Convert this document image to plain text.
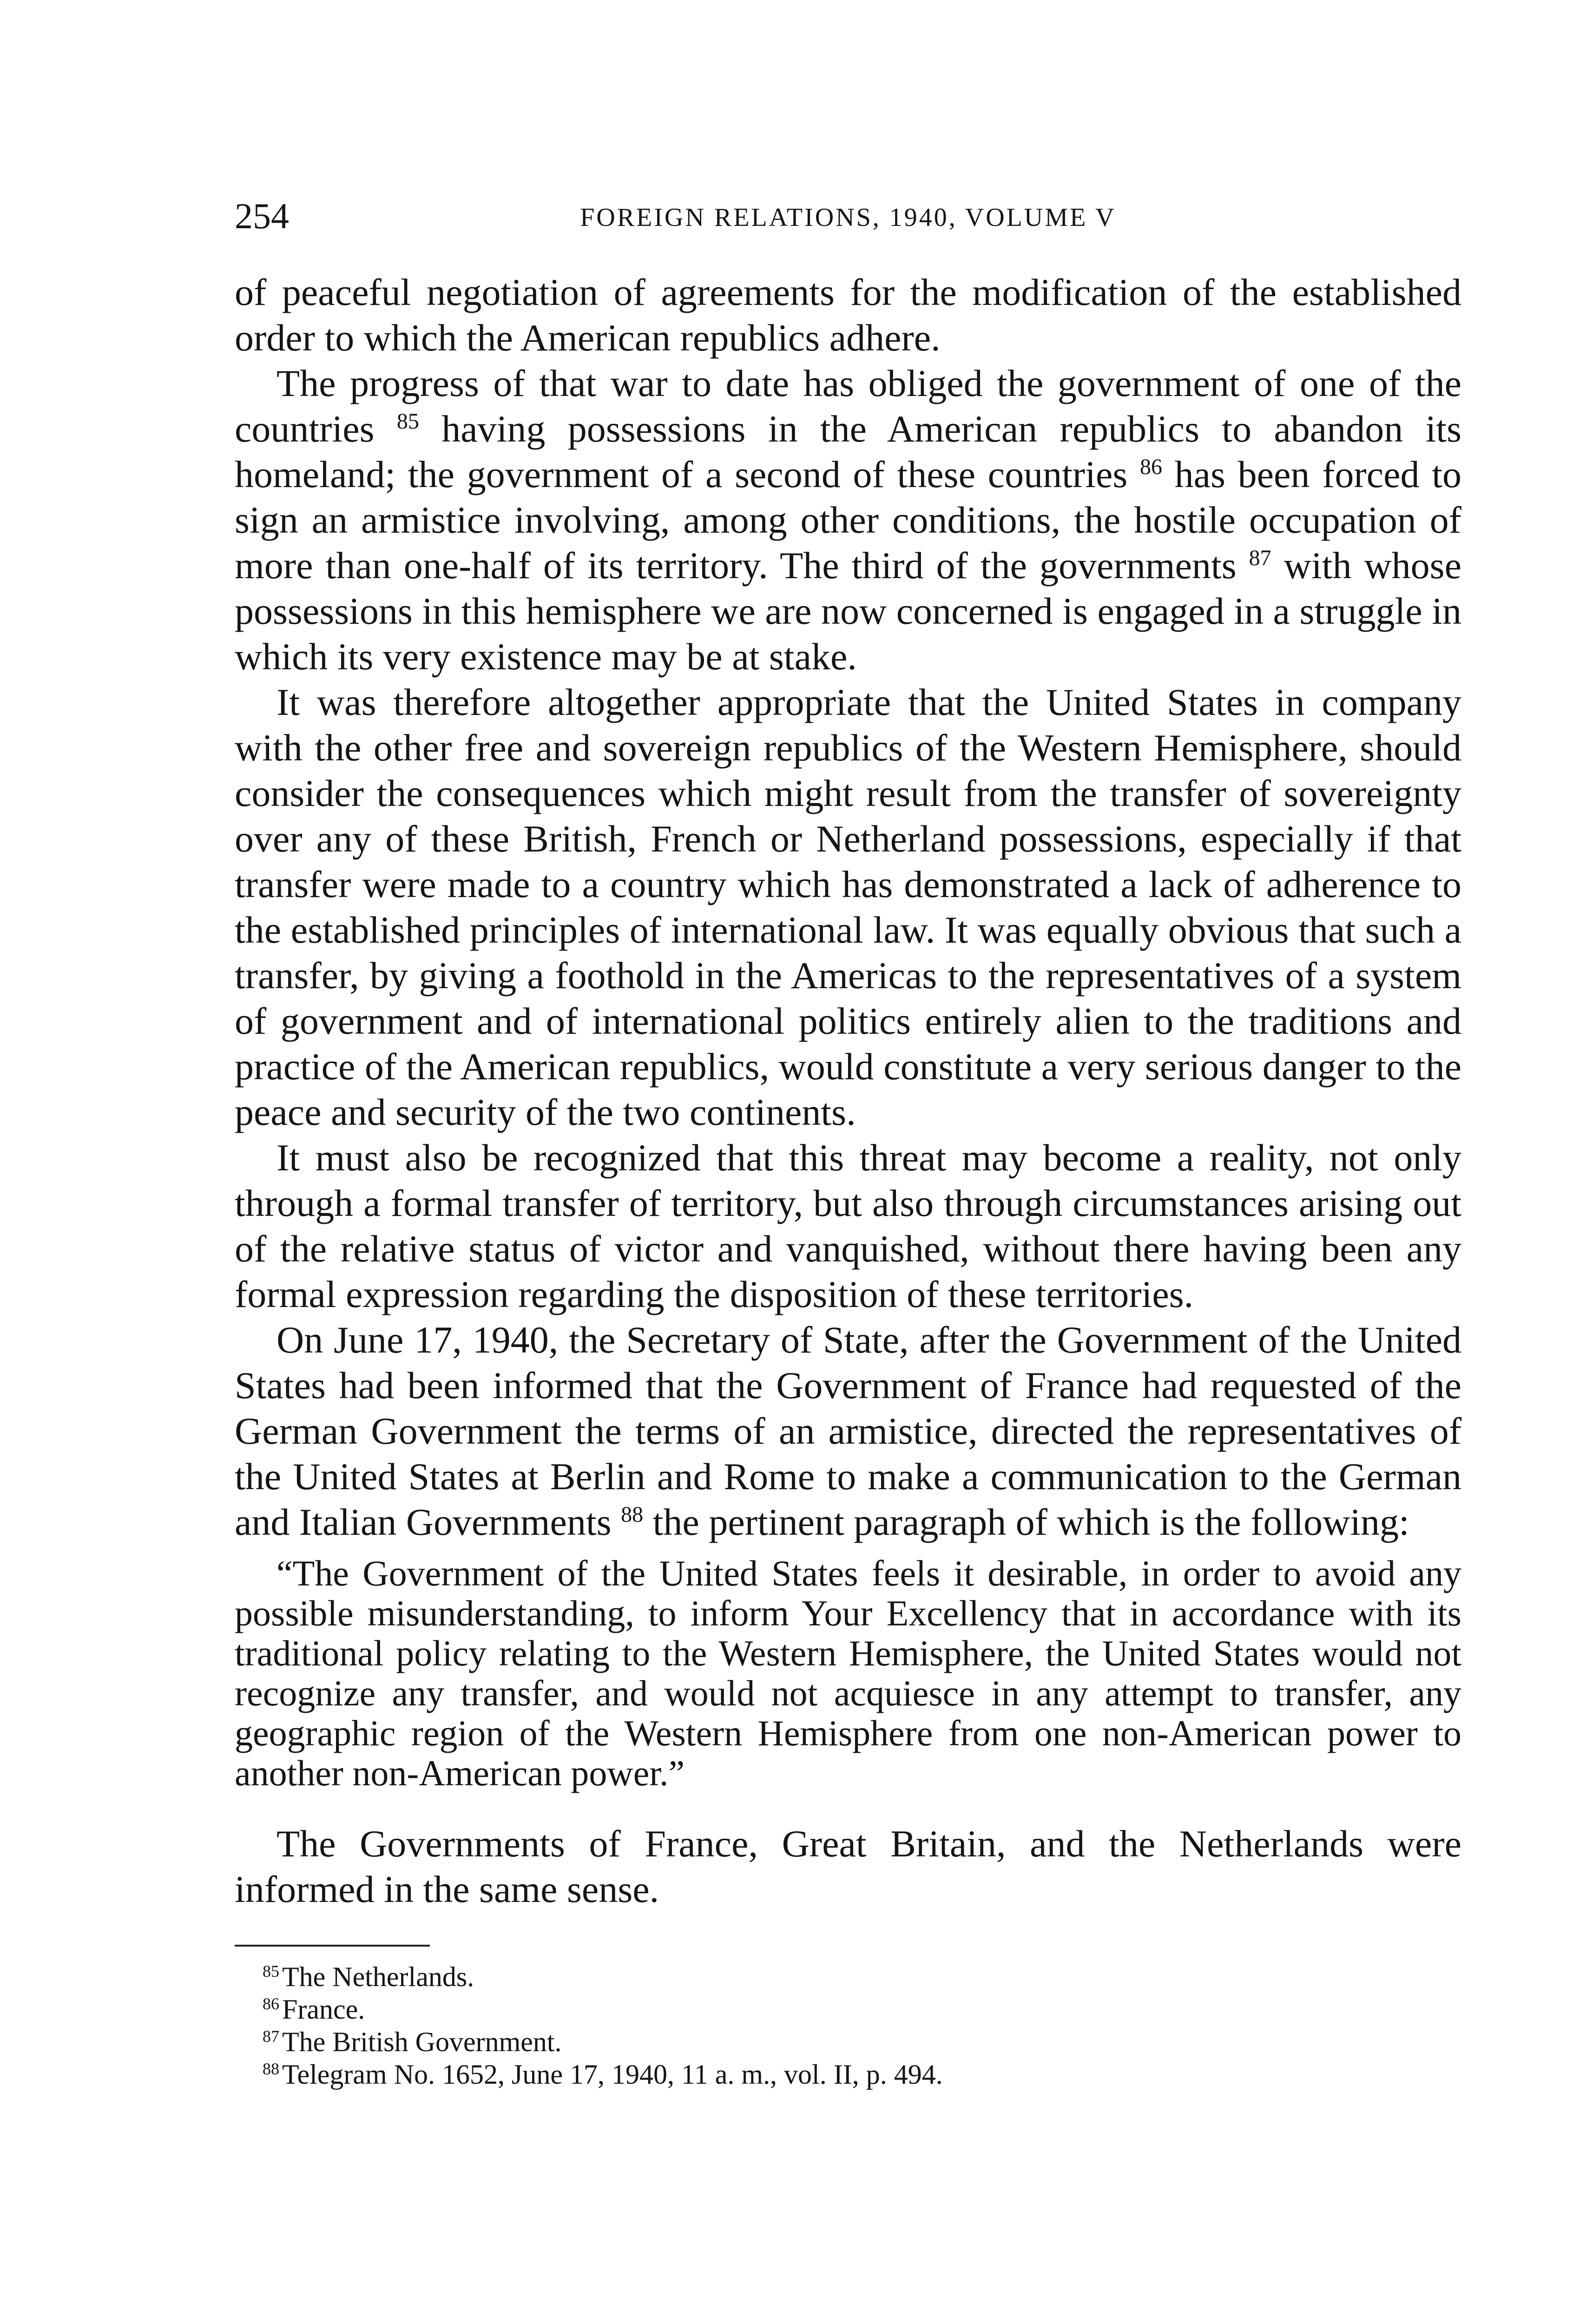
254	FOREIGN RELATIONS, 1940, VOLUME V

of peaceful negotiation of agreements for the modification of the established order to which the American republics adhere.

The progress of that war to date has obliged the government of one of the countries $^{85}$ having possessions in the American republics to abandon its homeland; the government of a second of these countries $^{86}$ has been forced to sign an armistice involving, among other conditions, the hostile occupation of more than one-half of its territory. The third of the governments $^{87}$ with whose possessions in this hemisphere we are now concerned is engaged in a struggle in which its very existence may be at stake.

It was therefore altogether appropriate that the United States in company with the other free and sovereign republics of the Western Hemisphere, should consider the consequences which might result from the transfer of sovereignty over any of these British, French or Netherland possessions, especially if that transfer were made to a country which has demonstrated a lack of adherence to the established principles of international law. It was equally obvious that such a transfer, by giving a foothold in the Americas to the representatives of a system of government and of international politics entirely alien to the traditions and practice of the American republics, would constitute a very serious danger to the peace and security of the two continents.

It must also be recognized that this threat may become a reality, not only through a formal transfer of territory, but also through circumstances arising out of the relative status of victor and vanquished, without there having been any formal expression regarding the disposition of these territories.

On June 17, 1940, the Secretary of State, after the Government of the United States had been informed that the Government of France had requested of the German Government the terms of an armistice, directed the representatives of the United States at Berlin and Rome to make a communication to the German and Italian Governments $^{88}$ the pertinent paragraph of which is the following:

“The Government of the United States feels it desirable, in order to avoid any possible misunderstanding, to inform Your Excellency that in accordance with its traditional policy relating to the Western Hemisphere, the United States would not recognize any transfer, and would not acquiesce in any attempt to transfer, any geographic region of the Western Hemisphere from one non-American power to another non-American power.”

The Governments of France, Great Britain, and the Netherlands were informed in the same sense.

$^{85}$ The Netherlands.

$^{86}$ France.

$^{87}$ The British Government.

$^{88}$ Telegram No. 1652, June 17, 1940, 11 a. m., vol. II, p. 494.
